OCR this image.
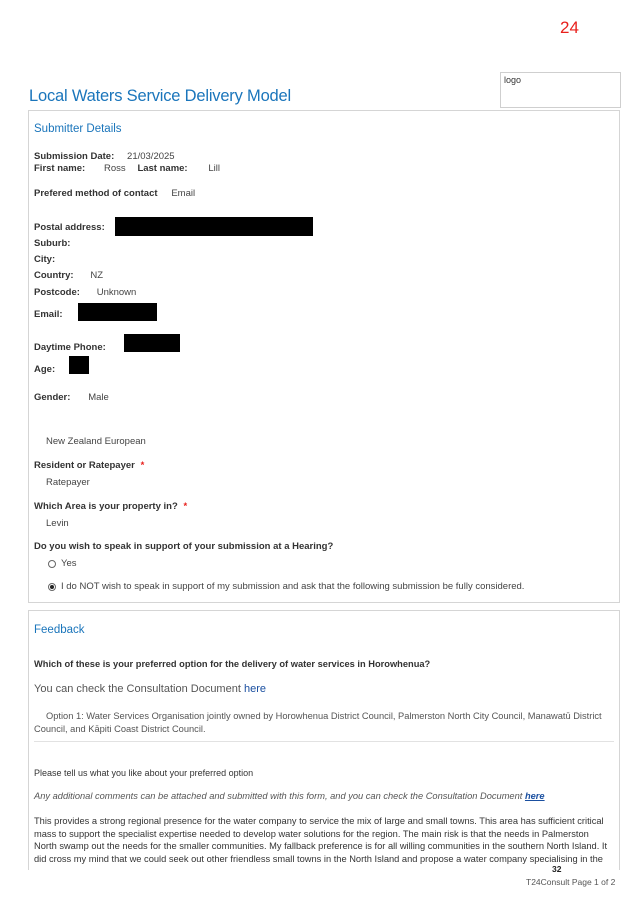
24
logo
Local Waters Service Delivery Model
Submitter Details
Submission Date: 21/03/2025
First name: Ross Last name: Lill
Prefered method of contact Email
Postal address:
Suburb:
City:
Country: NZ
Postcode: Unknown
Email:
Daytime Phone:
Age:
Gender: Male
New Zealand European
Resident or Ratepayer *
Ratepayer
Which Area is your property in? *
Levin
Do you wish to speak in support of your submission at a Hearing?
Yes
I do NOT wish to speak in support of my submission and ask that the following submission be fully considered.
Feedback
Which of these is your preferred option for the delivery of water services in Horowhenua?
You can check the Consultation Document here
Option 1: Water Services Organisation jointly owned by Horowhenua District Council, Palmerston North City Council, Manawatū District
Council, and Kāpiti Coast District Council.
Please tell us what you like about your preferred option
Any additional comments can be attached and submitted with this form, and you can check the Consultation Document here
This provides a strong regional presence for the water company to service the mix of large and small towns. This area has sufficient critical
mass to support the specialist expertise needed to develop water solutions for the region. The main risk is that the needs in Palmerston
North swamp out the needs for the smaller communities. My fallback preference is for all willing communities in the southern North Island. It
did cross my mind that we could seek out other friendless small towns in the North Island and propose a water company specialising in the
32
T24Consult Page 1 of 2
